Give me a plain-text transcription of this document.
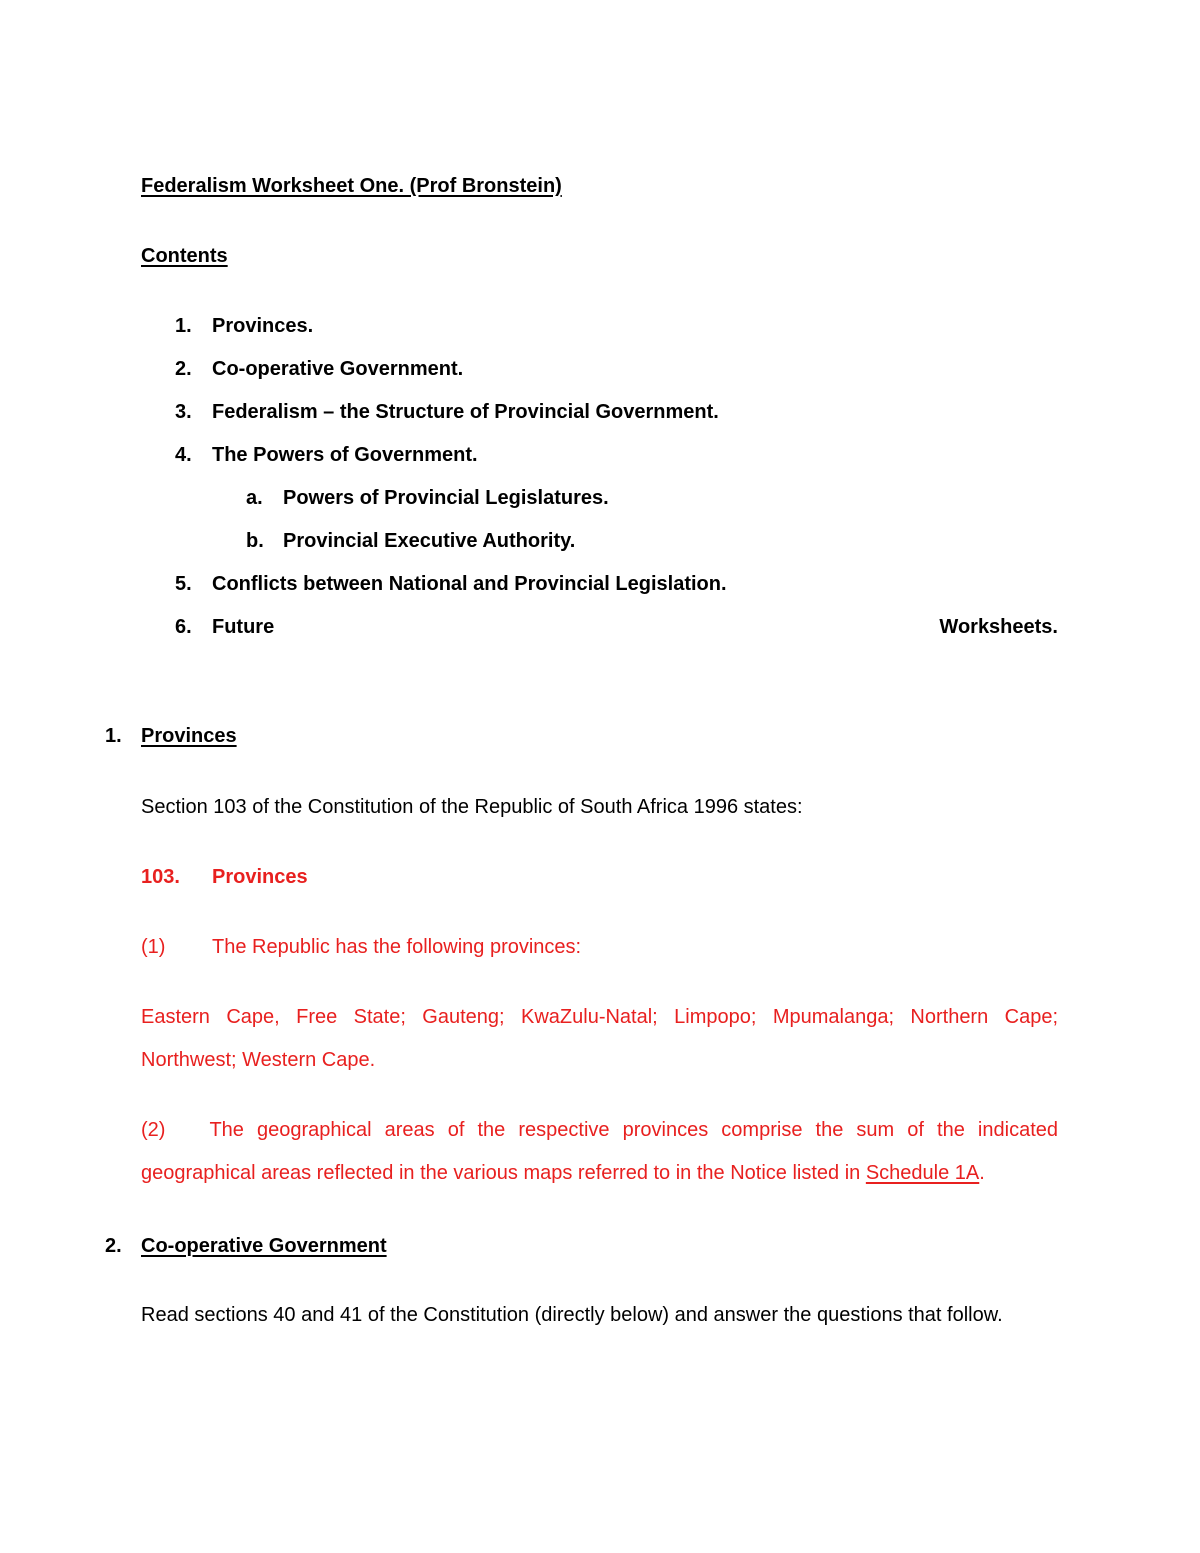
Federalism Worksheet One. (Prof Bronstein)
Contents
1. Provinces.
2. Co-operative Government.
3. Federalism – the Structure of Provincial Government.
4. The Powers of Government.
a. Powers of Provincial Legislatures.
b. Provincial Executive Authority.
5. Conflicts between National and Provincial Legislation.
6. Future	Worksheets.
1. Provinces
Section 103 of the Constitution of the Republic of South Africa 1996 states:
103. Provinces
(1) The Republic has the following provinces:
Eastern Cape, Free State; Gauteng; KwaZulu-Natal; Limpopo; Mpumalanga; Northern Cape; Northwest; Western Cape.
(2) The geographical areas of the respective provinces comprise the sum of the indicated geographical areas reflected in the various maps referred to in the Notice listed in Schedule 1A.
2. Co-operative Government
Read sections 40 and 41 of the Constitution (directly below) and answer the questions that follow.
